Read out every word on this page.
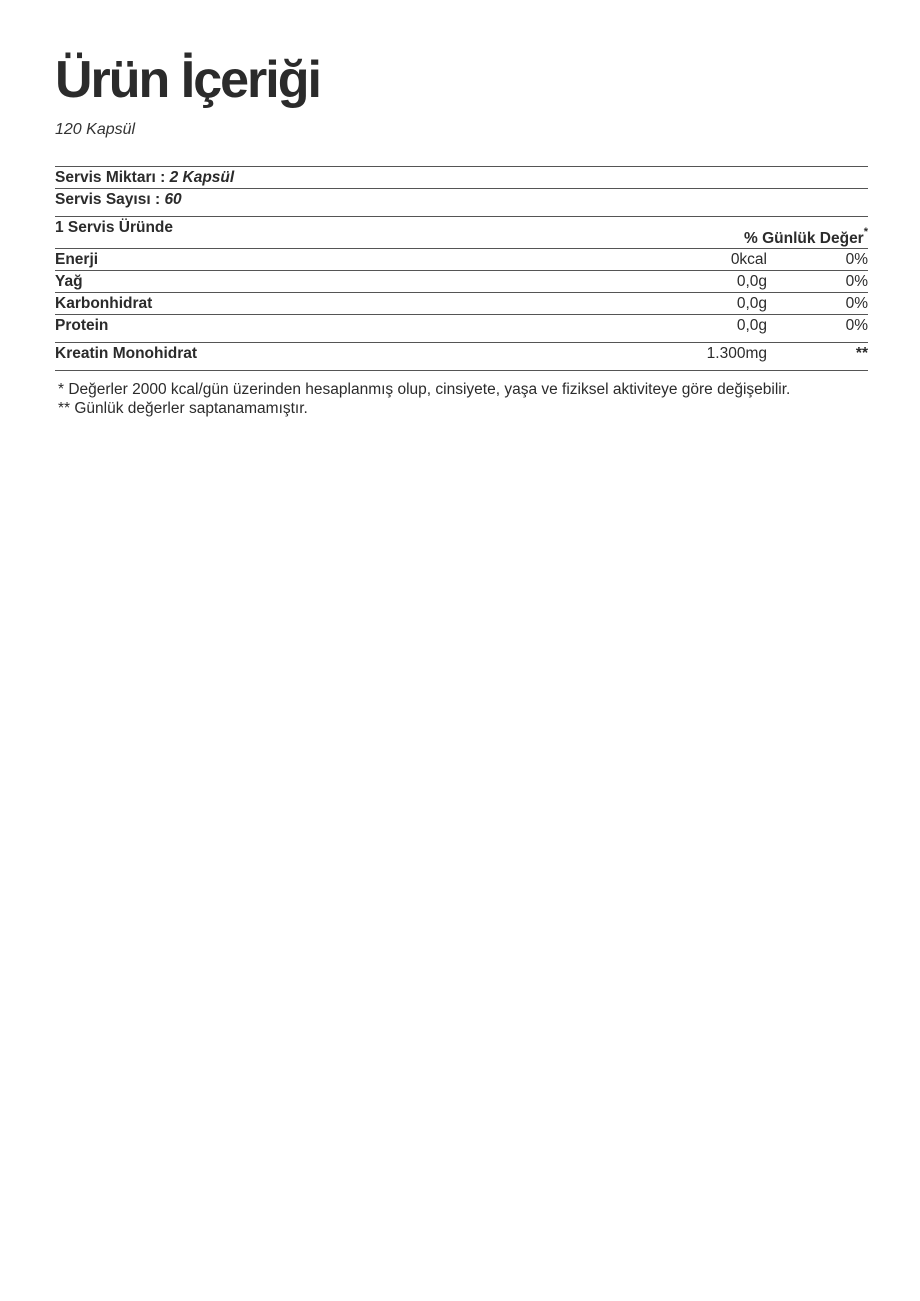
Ürün İçeriği
120 Kapsül
Servis Miktarı : 2 Kapsül
Servis Sayısı : 60
1 Servis Üründe
% Günlük Değer*
Enerji	0kcal	0%
Yağ	0,0g	0%
Karbonhidrat	0,0g	0%
Protein	0,0g	0%
Kreatin Monohidrat	1.300mg	**
* Değerler 2000 kcal/gün üzerinden hesaplanmış olup, cinsiyete, yaşa ve fiziksel aktiviteye göre değişebilir.
** Günlük değerler saptanamamıştır.
